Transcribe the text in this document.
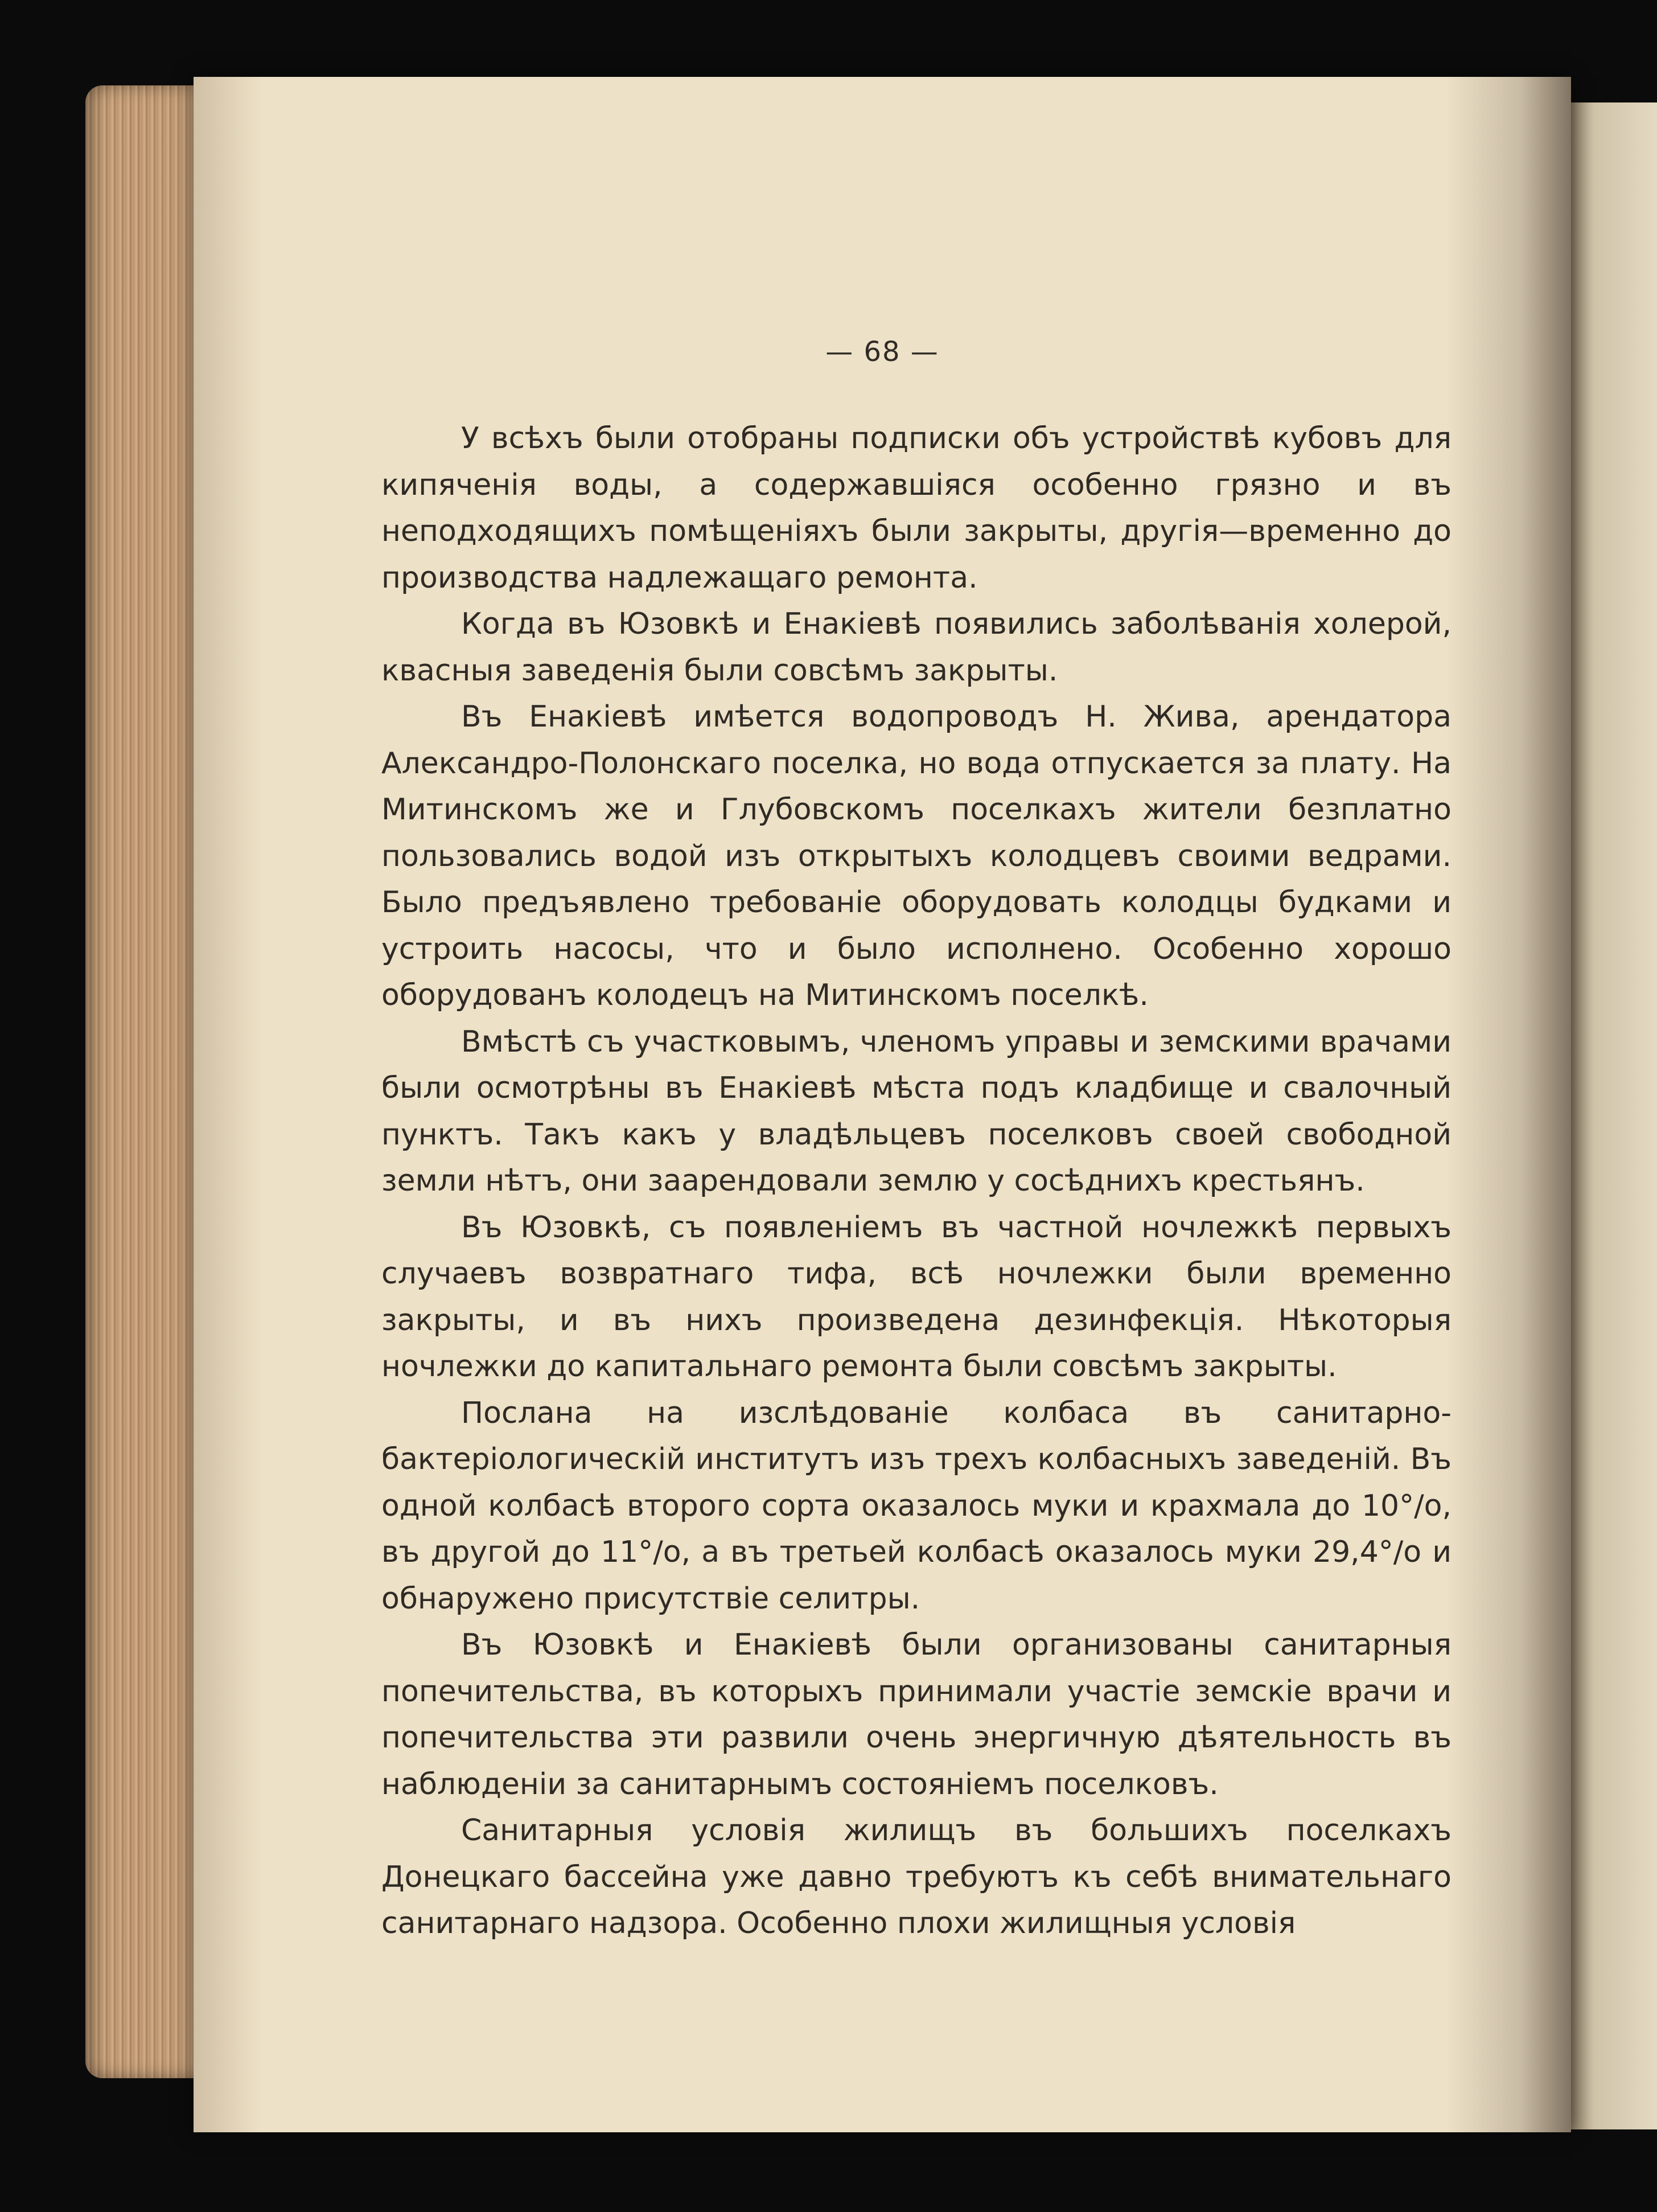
— 68 —

У всѣхъ были отобраны подписки объ устройствѣ кубовъ для кипяченія воды, а содержавшіяся особенно грязно и въ неподходящихъ помѣщеніяхъ были закрыты, другія—временно до производства надлежащаго ремонта.

Когда въ Юзовкѣ и Енакіевѣ появились заболѣванія холерой, квасныя заведенія были совсѣмъ закрыты.

Въ Енакіевѣ имѣется водопроводъ Н. Жива, арендатора Александро-Полонскаго поселка, но вода отпускается за плату. На Митинскомъ же и Глубовскомъ поселкахъ жители безплатно пользовались водой изъ открытыхъ колодцевъ своими ведрами. Было предъявлено требованіе оборудовать колодцы будками и устроить насосы, что и было исполнено. Особенно хорошо оборудованъ колодецъ на Митинскомъ поселкѣ.

Вмѣстѣ съ участковымъ, членомъ управы и земскими врачами были осмотрѣны въ Енакіевѣ мѣста подъ кладбище и свалочный пунктъ. Такъ какъ у владѣльцевъ поселковъ своей свободной земли нѣтъ, они заарендовали землю у сосѣднихъ крестьянъ.

Въ Юзовкѣ, съ появленіемъ въ частной ночлежкѣ первыхъ случаевъ возвратнаго тифа, всѣ ночлежки были временно закрыты, и въ нихъ произведена дезинфекція. Нѣкоторыя ночлежки до капитальнаго ремонта были совсѣмъ закрыты.

Послана на изслѣдованіе колбаса въ санитарно-бактеріологическій институтъ изъ трехъ колбасныхъ заведеній. Въ одной колбасѣ второго сорта оказалось муки и крахмала до 10°/o, въ другой до 11°/o, а въ третьей колбасѣ оказалось муки 29,4°/o и обнаружено присутствіе селитры.

Въ Юзовкѣ и Енакіевѣ были организованы санитарныя попечительства, въ которыхъ принимали участіе земскіе врачи и попечительства эти развили очень энергичную дѣятельность въ наблюденіи за санитарнымъ состояніемъ поселковъ.

Санитарныя условія жилищъ въ большихъ поселкахъ Донецкаго бассейна уже давно требуютъ къ себѣ внимательнаго санитарнаго надзора. Особенно плохи жилищныя условія
